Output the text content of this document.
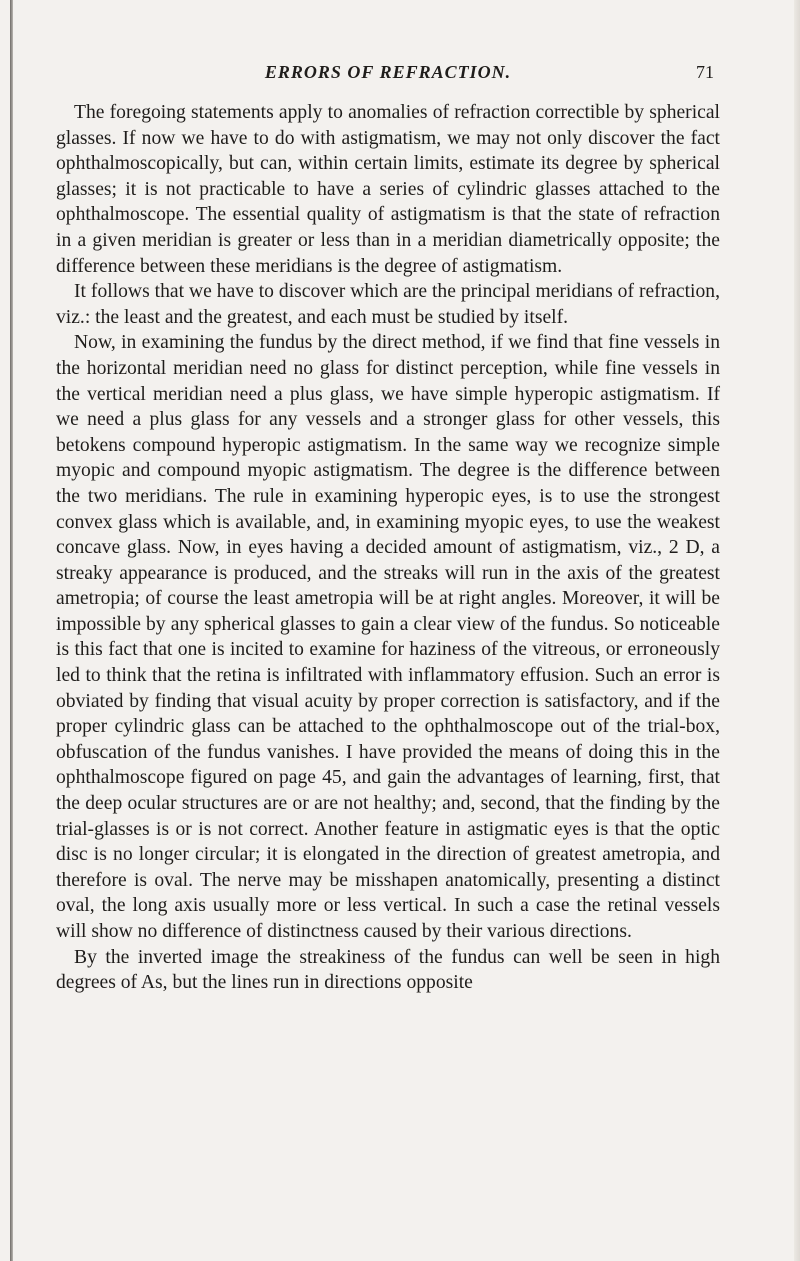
ERRORS OF REFRACTION.	71

The foregoing statements apply to anomalies of refraction correctible by spherical glasses. If now we have to do with astigmatism, we may not only discover the fact ophthalmoscopically, but can, within certain limits, estimate its degree by spherical glasses; it is not practicable to have a series of cylindric glasses attached to the ophthalmoscope. The essential quality of astigmatism is that the state of refraction in a given meridian is greater or less than in a meridian diametrically opposite; the difference between these meridians is the degree of astigmatism.

It follows that we have to discover which are the principal meridians of refraction, viz.: the least and the greatest, and each must be studied by itself.

Now, in examining the fundus by the direct method, if we find that fine vessels in the horizontal meridian need no glass for distinct perception, while fine vessels in the vertical meridian need a plus glass, we have simple hyperopic astigmatism. If we need a plus glass for any vessels and a stronger glass for other vessels, this betokens compound hyperopic astigmatism. In the same way we recognize simple myopic and compound myopic astigmatism. The degree is the difference between the two meridians. The rule in examining hyperopic eyes, is to use the strongest convex glass which is available, and, in examining myopic eyes, to use the weakest concave glass. Now, in eyes having a decided amount of astigmatism, viz., 2 D, a streaky appearance is produced, and the streaks will run in the axis of the greatest ametropia; of course the least ametropia will be at right angles. Moreover, it will be impossible by any spherical glasses to gain a clear view of the fundus. So noticeable is this fact that one is incited to examine for haziness of the vitreous, or erroneously led to think that the retina is infiltrated with inflammatory effusion. Such an error is obviated by finding that visual acuity by proper correction is satisfactory, and if the proper cylindric glass can be attached to the ophthalmoscope out of the trial-box, obfuscation of the fundus vanishes. I have provided the means of doing this in the ophthalmoscope figured on page 45, and gain the advantages of learning, first, that the deep ocular structures are or are not healthy; and, second, that the finding by the trial-glasses is or is not correct. Another feature in astigmatic eyes is that the optic disc is no longer circular; it is elongated in the direction of greatest ametropia, and therefore is oval. The nerve may be misshapen anatomically, presenting a distinct oval, the long axis usually more or less vertical. In such a case the retinal vessels will show no difference of distinctness caused by their various directions.

By the inverted image the streakiness of the fundus can well be seen in high degrees of As, but the lines run in directions opposite
